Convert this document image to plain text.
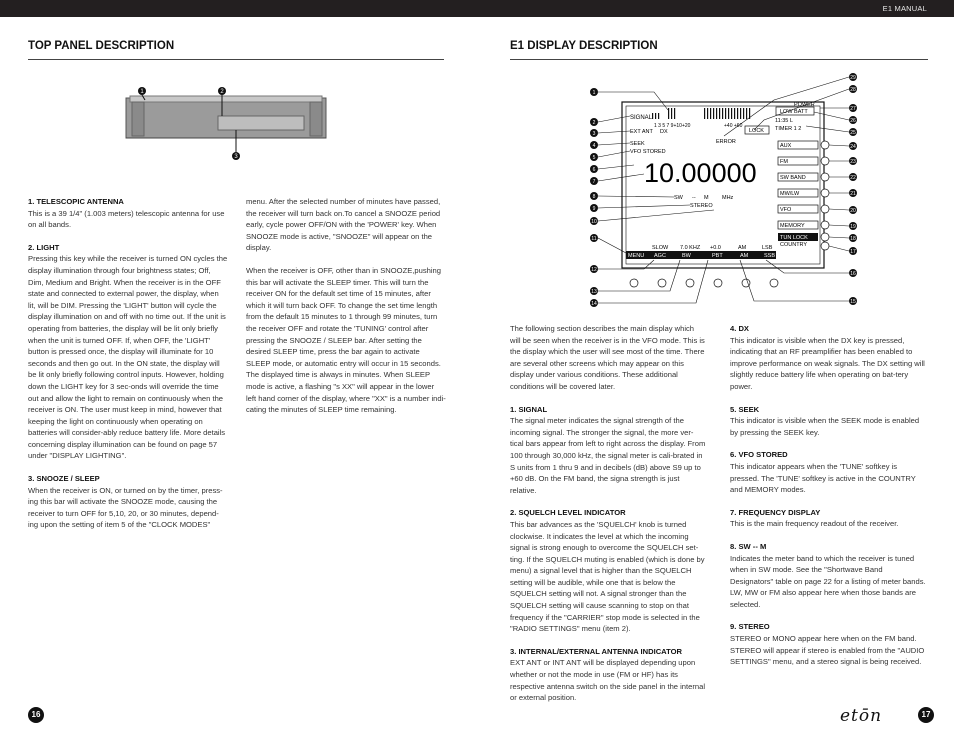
E1 MANUAL
TOP PANEL DESCRIPTION
1	2
3

1. TELESCOPIC ANTENNA
This is a 39 1/4" (1.003 meters) telescopic antenna for use on all bands.

2. LIGHT
Pressing this key while the receiver is turned ON cycles the display illumination through four brightness states; Off, Dim, Medium and Bright. When the receiver is in the OFF state and connected to external power, the display, when lit, will be DIM. Pressing the 'LIGHT' button will cycle the display illumination on and off with no time out. If the unit is operating from batteries, the display will be lit only briefly when the unit is turned OFF. If, when OFF, the 'LIGHT' button is pressed once, the display will illuminate for 10 seconds and then go out. In the ON state, the display will be lit only briefly following control inputs. However, holding down the LIGHT key for 3 sec-onds will override the time out and allow the light to remain on continuously when the receiver is ON. The user must keep in mind, however that keeping the light on continuously when operating on batteries will consider-ably reduce battery life. More details concerning display illumination can be found on page 57 under "DISPLAY LIGHTING".

3. SNOOZE / SLEEP
When the receiver is ON, or turned on by the timer, press-ing this bar will activate the SNOOZE mode, causing the receiver to turn OFF for 5,10, 20, or 30 minutes, depend-ing upon the setting of item 5 of the "CLOCK MODES"

menu. After the selected number of minutes have passed, the receiver will turn back on.To cancel a SNOOZE period early, cycle power OFF/ON with the 'POWER' key. When SNOOZE mode is active, "SNOOZE" will appear on the display.

When the receiver is OFF, other than in SNOOZE,pushing this bar will activate the SLEEP timer. This will turn the receiver ON for the default set time of 15 minutes, after which it will turn back OFF. To change the set time length from the default 15 minutes to 1 through 99 minutes, turn the receiver OFF and rotate the 'TUNING' control after pressing the SNOOZE / SLEEP bar. After setting the desired SLEEP time, press the bar again to activate SLEEP mode, or automatic entry will occur in 15 seconds. The displayed time is always in minutes. When SLEEP mode is active, a flashing "s XX" will appear in the lower left hand corner of the display, where "XX" is a number indi-cating the minutes of SLEEP time remaining.

16
E1 DISPLAY DESCRIPTION
SIGNAL
1 3 5 7 9+10+20	+40 +60
EXT ANT DX
SEEK
VFO STORED
ERROR
POWER
LOW BATT
LOCK
11:35 L
TIMER 1 2
10.00000
SW -- M MHz
STEREO
AUX
FM
SW BAND
MW/LW
VFO
MEMORY
TUN LOCK
COUNTRY
SLOW 7.0 KHZ +0.0	AM	LSB
MENU AGC	BW	PBT	AM	SSB
1
2
3
4
5
6
7
8
9
10
11
12
13
14
29
28
27
26
25
24
23
22
21
20
19
18
17
16
15

The following section describes the main display which will be seen when the receiver is in the VFO mode. This is the display which the user will see most of the time. There are several other screens which may appear on this display under various conditions. These additional conditions will be covered later.

1. SIGNAL
The signal meter indicates the signal strength of the incoming signal. The stronger the signal, the more ver-tical bars appear from left to right across the display. From 100 through 30,000 kHz, the signal meter is cali-brated in S units from 1 thru 9 and in decibels (dB) above S9 up to +60 dB. On the FM band, the signa strength is just relative.

2. SQUELCH LEVEL INDICATOR
This bar advances as the 'SQUELCH' knob is turned clockwise. It indicates the level at which the incoming signal is strong enough to overcome the SQUELCH set-ting. If the SQUELCH muting is enabled (which is done by menu) a signal level that is higher than the SQUELCH setting will be audible, while one that is below the SQUELCH setting will not. A signal stronger than the SQUELCH setting will cause scanning to stop on that frequency if the "CARRIER" stop mode is selected in the "RADIO SETTINGS" menu (item 2).

3. INTERNAL/EXTERNAL ANTENNA INDICATOR
EXT ANT or INT ANT will be displayed depending upon whether or not the mode in use (FM or HF) has its respective antenna switch on the side panel in the internal or external position.

4. DX
This indicator is visible when the DX key is pressed, indicating that an RF preamplifier has been enabled to improve performance on weak signals. The DX setting will slightly reduce battery life when operating on bat-tery power.

5. SEEK
This indicator is visible when the SEEK mode is enabled by pressing the SEEK key.

6. VFO STORED
This indicator appears when the 'TUNE' softkey is pressed. The 'TUNE' softkey is active in the COUNTRY and MEMORY modes.

7. FREQUENCY DISPLAY
This is the main frequency readout of the receiver.

8. SW -- M
Indicates the meter band to which the receiver is tuned when in SW mode. See the "Shortwave Band Designators" table on page 22 for a listing of meter bands. LW, MW or FM also appear here when those bands are selected.

9. STEREO
STEREO or MONO appear here when on the FM band. STEREO will appear if stereo is enabled from the "AUDIO SETTINGS" menu, and a stereo signal is being received.

etōn	17
